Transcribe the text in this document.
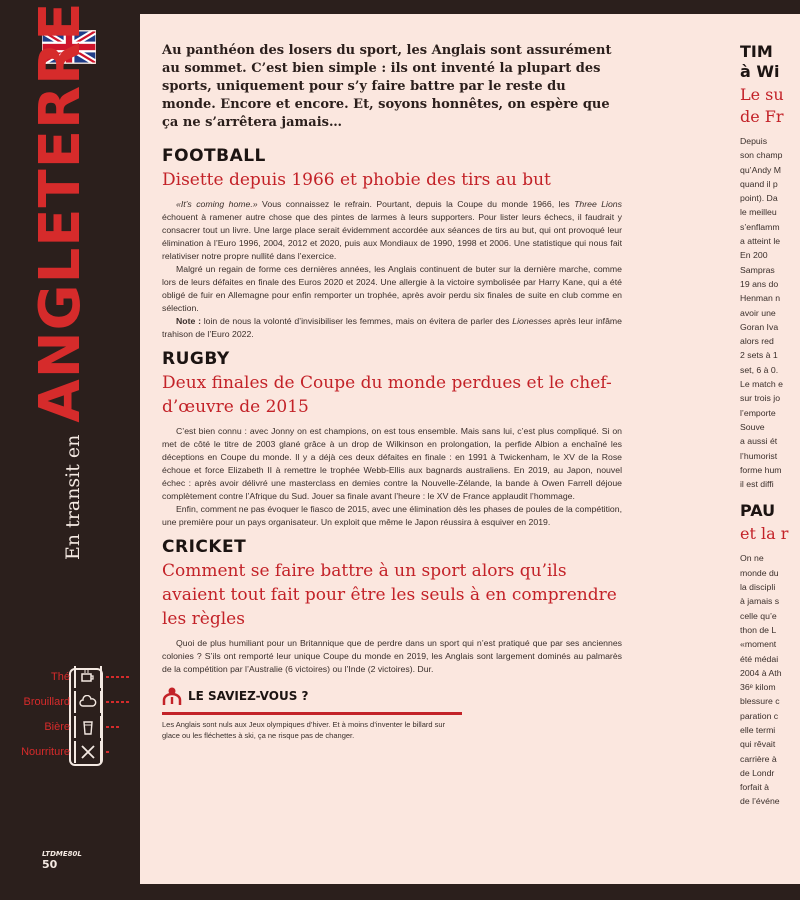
En transit en
ANGLETERRE
Thé
Brouillard
Bière
Nourriture
LTDME80L
50

Au panthéon des losers du sport, les Anglais sont assurément au sommet. C’est bien simple : ils ont inventé la plupart des sports, uniquement pour s’y faire battre par le reste du monde. Encore et encore. Et, soyons honnêtes, on espère que ça ne s’arrêtera jamais…

FOOTBALL
Disette depuis 1966 et phobie des tirs au but

«It’s coming home.» Vous connaissez le refrain. Pourtant, depuis la Coupe du monde 1966, les Three Lions échouent à ramener autre chose que des pintes de larmes à leurs supporters. Pour lister leurs échecs, il faudrait y consacrer tout un livre. Une large place serait évidemment accordée aux séances de tirs au but, qui ont provoqué leur élimination à l’Euro 1996, 2004, 2012 et 2020, puis aux Mondiaux de 1990, 1998 et 2006. Une statistique qui nous fait relativiser notre propre nullité dans l’exercice.

Malgré un regain de forme ces dernières années, les Anglais continuent de buter sur la dernière marche, comme lors de leurs défaites en finale des Euros 2020 et 2024. Une allergie à la victoire symbolisée par Harry Kane, qui a été obligé de fuir en Allemagne pour enfin remporter un trophée, après avoir perdu six finales de suite en club comme en sélection.

Note : loin de nous la volonté d’invisibiliser les femmes, mais on évitera de parler des Lionesses après leur infâme trahison de l’Euro 2022.

RUGBY
Deux finales de Coupe du monde perdues et le chef-d’œuvre de 2015

C’est bien connu : avec Jonny on est champions, on est tous ensemble. Mais sans lui, c’est plus compliqué. Si on met de côté le titre de 2003 glané grâce à un drop de Wilkinson en prolongation, la perfide Albion a enchaîné les déceptions en Coupe du monde. Il y a déjà ces deux défaites en finale : en 1991 à Twickenham, le XV de la Rose échoue et force Elizabeth II à remettre le trophée Webb-Ellis aux bagnards australiens. En 2019, au Japon, nouvel échec : après avoir délivré une masterclass en demies contre la Nouvelle-Zélande, la bande à Owen Farrell déjoue complètement contre l’Afrique du Sud. Jouer sa finale avant l’heure : le XV de France applaudit l’hommage.

Enfin, comment ne pas évoquer le fiasco de 2015, avec une élimination dès les phases de poules de la compétition, une première pour un pays organisateur. Un exploit que même le Japon réussira à esquiver en 2019.

CRICKET
Comment se faire battre à un sport alors qu’ils avaient tout fait pour être les seuls à en comprendre les règles

Quoi de plus humiliant pour un Britannique que de perdre dans un sport qui n’est pratiqué que par ses anciennes colonies ? S’ils ont remporté leur unique Coupe du monde en 2019, les Anglais sont largement dominés au palmarès de la compétition par l’Australie (6 victoires) ou l’Inde (2 victoires). Dur.

LE SAVIEZ-VOUS ?

Les Anglais sont nuls aux Jeux olympiques d’hiver. Et à moins d’inventer le billard sur glace ou les fléchettes à ski, ça ne risque pas de changer.

TIM
à Wi
Le su
de Fr

Depuis

son champ

qu’Andy M

quand il p

point). Da

le meilleu

s’enflamm

a atteint le

En 200

Sampras

19 ans do

Henman n

avoir une

Goran Iva

alors red

2 sets à 1

set, 6 à 0.

Le match e

sur trois jo

l’emporte

Souve

a aussi ét

l’humorist

forme hum

il est diffi

PAU
et la r

On ne

monde du

la discipli

à jamais s

celle qu’e

thon de L

«moment

été médai

2004 à Ath

36ᵉ kilom

blessure c

paration c

elle termi

qui rêvait

carrière à

de Londr

forfait à

de l’événe
